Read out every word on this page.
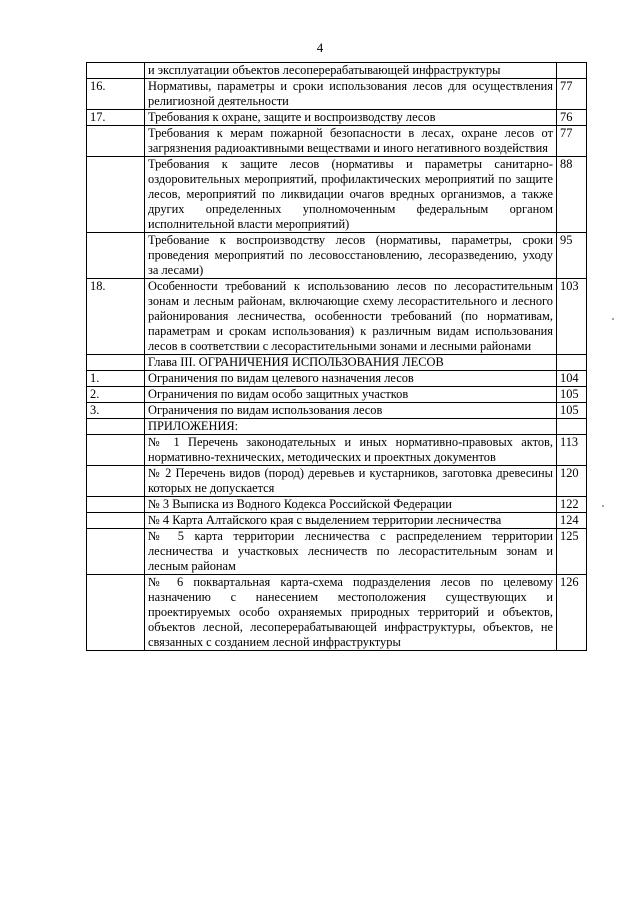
4
	и эксплуатации объектов лесоперерабатывающей инфраструктуры	
16.	Нормативы, параметры и сроки использования лесов для осуществления религиозной деятельности	77
17.	Требования к охране, защите и воспроизводству лесов	76
	Требования к мерам пожарной безопасности в лесах, охране лесов от загрязнения радиоактивными веществами и иного негативного воздействия	77
	Требования к защите лесов (нормативы и параметры санитарно-оздоровительных мероприятий, профилактических мероприятий по защите лесов, мероприятий по ликвидации очагов вредных организмов, а также других определенных уполномоченным федеральным органом исполнительной власти мероприятий)	88
	Требование к воспроизводству лесов (нормативы, параметры, сроки проведения мероприятий по лесовосстановлению, лесоразведению, уходу за лесами)	95
18.	Особенности требований к использованию лесов по лесорастительным зонам и лесным районам, включающие схему лесорастительного и лесного районирования лесничества, особенности требований (по нормативам, параметрам и срокам использования) к различным видам использования лесов в соответствии с лесорастительными зонами и лесными районами	103
	Глава III. ОГРАНИЧЕНИЯ ИСПОЛЬЗОВАНИЯ ЛЕСОВ	
1.	Ограничения по видам целевого назначения лесов	104
2.	Ограничения по видам особо защитных участков	105
3.	Ограничения по видам использования лесов	105
	ПРИЛОЖЕНИЯ:	
	№ 1 Перечень законодательных и иных нормативно-правовых актов, нормативно-технических, методических и проектных документов	113
	№ 2 Перечень видов (пород) деревьев и кустарников, заготовка древесины которых не допускается	120
	№ 3 Выписка из Водного Кодекса Российской Федерации	122
	№ 4 Карта Алтайского края с выделением территории лесничества	124
	№ 5 карта территории лесничества с распределением территории лесничества и участковых лесничеств по лесорастительным зонам и лесным районам	125
	№ 6 поквартальная карта-схема подразделения лесов по целевому назначению с нанесением местоположения существующих и проектируемых особо охраняемых природных территорий и объектов, объектов лесной, лесоперерабатывающей инфраструктуры, объектов, не связанных с созданием лесной инфраструктуры	126
